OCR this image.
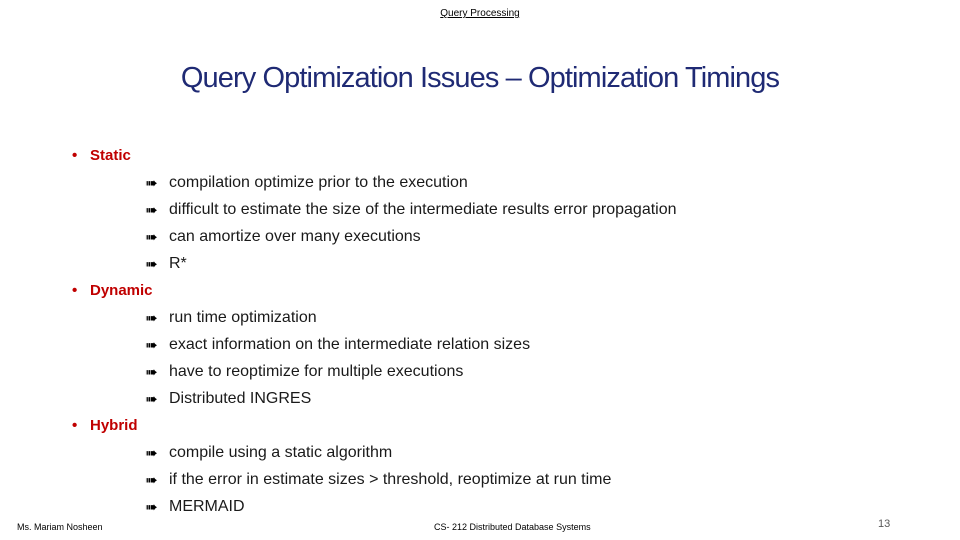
Query Processing
Query Optimization Issues – Optimization Timings
• Static
➠ compilation optimize prior to the execution
➠ difficult to estimate the size of the intermediate results error propagation
➠ can amortize over many executions
➠ R*
• Dynamic
➠ run time optimization
➠ exact information on the intermediate relation sizes
➠ have to reoptimize for multiple executions
➠ Distributed INGRES
• Hybrid
➠ compile using a static algorithm
➠ if the error in estimate sizes > threshold, reoptimize at run time
➠ MERMAID
Ms. Mariam Nosheen	CS- 212 Distributed Database Systems	13
